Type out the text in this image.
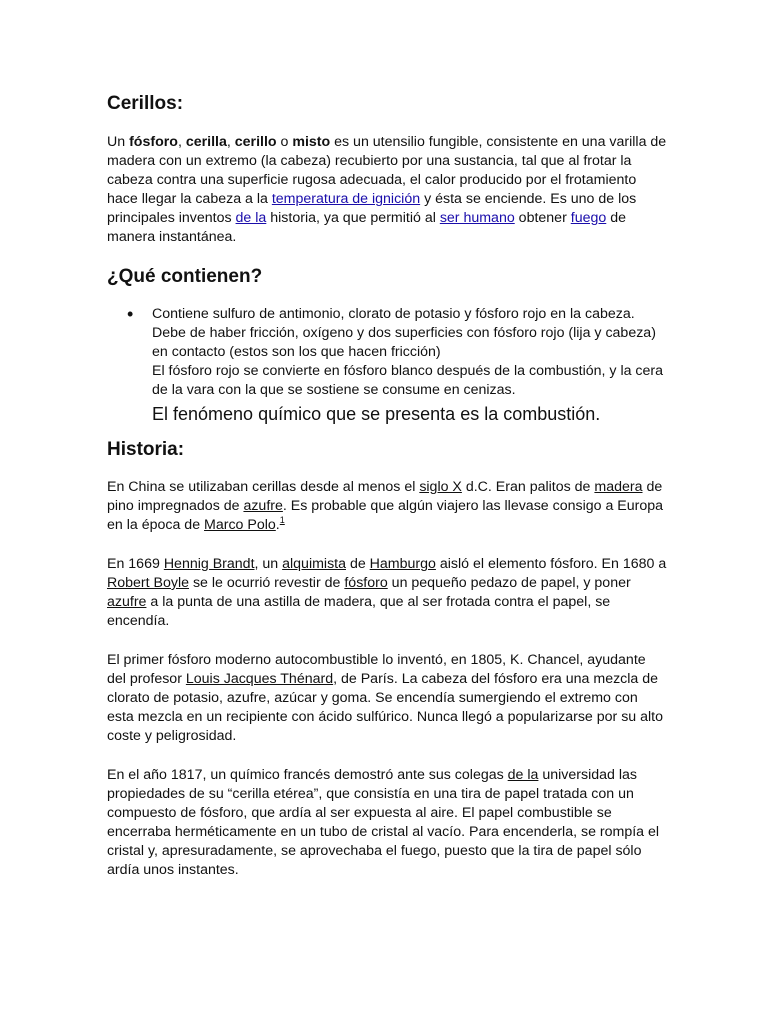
Cerillos:

Un fósforo, cerilla, cerillo o misto es un utensilio fungible, consistente en una varilla de madera con un extremo (la cabeza) recubierto por una sustancia, tal que al frotar la cabeza contra una superficie rugosa adecuada, el calor producido por el frotamiento hace llegar la cabeza a la temperatura de ignición y ésta se enciende. Es uno de los principales inventos de la historia, ya que permitió al ser humano obtener fuego de manera instantánea.

¿Qué contienen?
• Contiene sulfuro de antimonio, clorato de potasio y fósforo rojo en la cabeza.
Debe de haber fricción, oxígeno y dos superficies con fósforo rojo (lija y cabeza) en contacto (estos son los que hacen fricción)
El fósforo rojo se convierte en fósforo blanco después de la combustión, y la cera de la vara con la que se sostiene se consume en cenizas.
El fenómeno químico que se presenta es la combustión.
Historia:

En China se utilizaban cerillas desde al menos el siglo X d.C. Eran palitos de madera de pino impregnados de azufre. Es probable que algún viajero las llevase consigo a Europa en la época de Marco Polo.$^1$

En 1669 Hennig Brandt, un alquimista de Hamburgo aisló el elemento fósforo. En 1680 a Robert Boyle se le ocurrió revestir de fósforo un pequeño pedazo de papel, y poner azufre a la punta de una astilla de madera, que al ser frotada contra el papel, se encendía.

El primer fósforo moderno autocombustible lo inventó, en 1805, K. Chancel, ayudante del profesor Louis Jacques Thénard, de París. La cabeza del fósforo era una mezcla de clorato de potasio, azufre, azúcar y goma. Se encendía sumergiendo el extremo con esta mezcla en un recipiente con ácido sulfúrico. Nunca llegó a popularizarse por su alto coste y peligrosidad.

En el año 1817, un químico francés demostró ante sus colegas de la universidad las propiedades de su “cerilla etérea”, que consistía en una tira de papel tratada con un compuesto de fósforo, que ardía al ser expuesta al aire. El papel combustible se encerraba herméticamente en un tubo de cristal al vacío. Para encenderla, se rompía el cristal y, apresuradamente, se aprovechaba el fuego, puesto que la tira de papel sólo ardía unos instantes.
